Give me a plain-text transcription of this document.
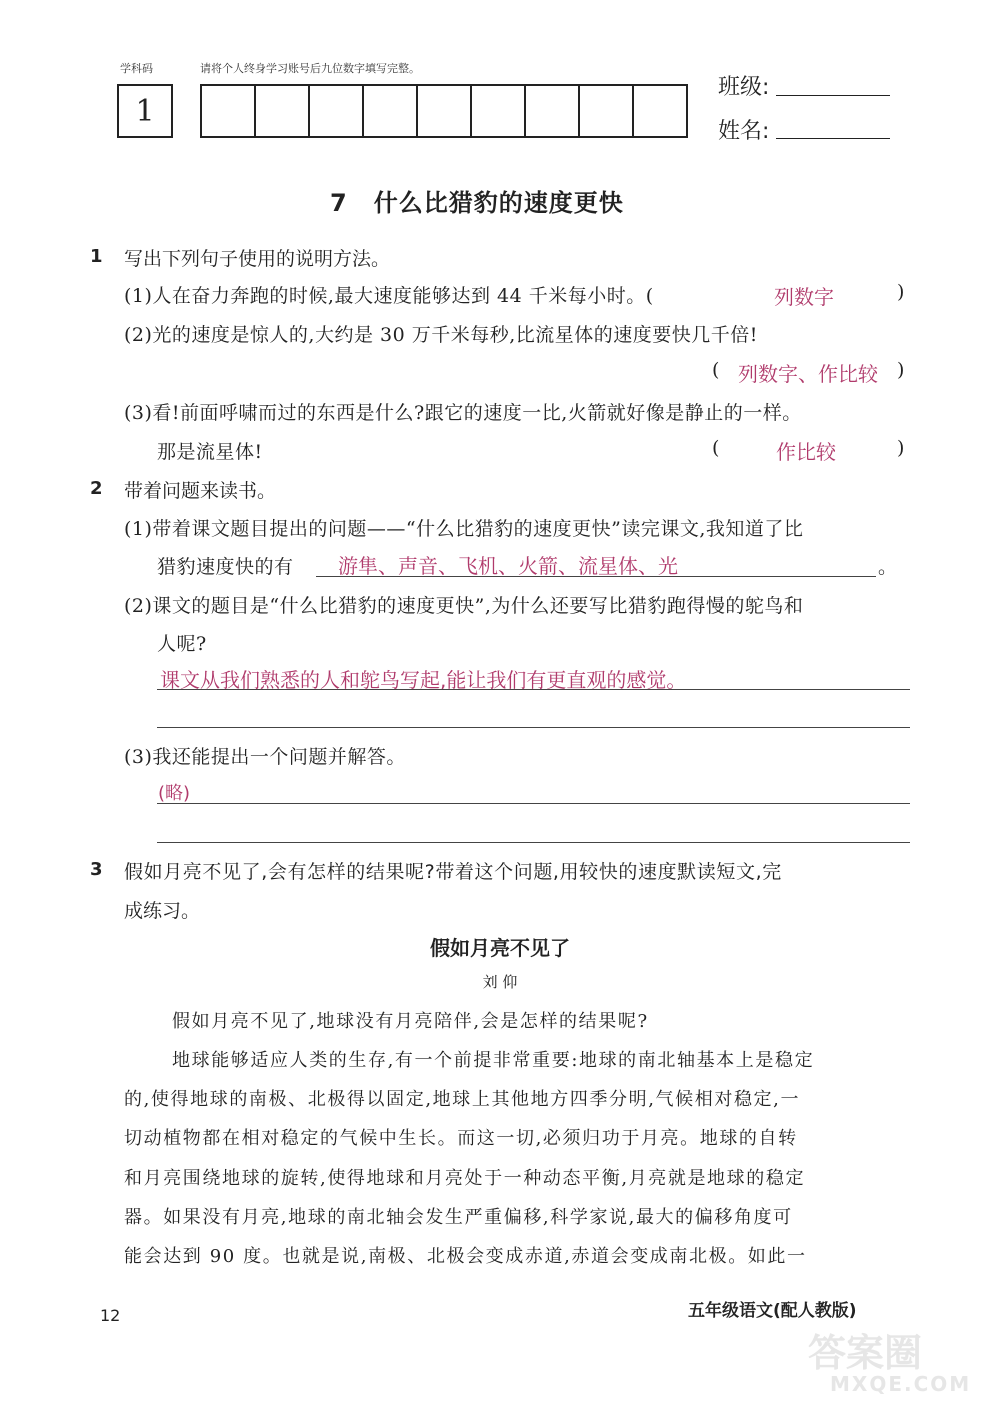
学科码	请将个人终身学习账号后九位数字填写完整。
1
班级:
姓名:
7 什么比猎豹的速度更快
1 写出下列句子使用的说明方法。
(1)人在奋力奔跑的时候,最大速度能够达到 44 千米每小时。(	列数字	)
(2)光的速度是惊人的,大约是 30 万千米每秒,比流星体的速度要快几千倍!
( 列数字、作比较 )
(3)看!前面呼啸而过的东西是什么?跟它的速度一比,火箭就好像是静止的一样。
那是流星体!	(	作比较	)
2 带着问题来读书。
(1)带着课文题目提出的问题——“什么比猎豹的速度更快”读完课文,我知道了比
猎豹速度快的有 游隼、声音、飞机、火箭、流星体、光	。
(2)课文的题目是“什么比猎豹的速度更快”,为什么还要写比猎豹跑得慢的鸵鸟和
人呢?
课文从我们熟悉的人和鸵鸟写起,能让我们有更直观的感觉。
(3)我还能提出一个问题并解答。
(略)
3 假如月亮不见了,会有怎样的结果呢?带着这个问题,用较快的速度默读短文,完
成练习。
假如月亮不见了
刘 仰
假如月亮不见了,地球没有月亮陪伴,会是怎样的结果呢?
地球能够适应人类的生存,有一个前提非常重要:地球的南北轴基本上是稳定
的,使得地球的南极、北极得以固定,地球上其他地方四季分明,气候相对稳定,一
切动植物都在相对稳定的气候中生长。而这一切,必须归功于月亮。地球的自转
和月亮围绕地球的旋转,使得地球和月亮处于一种动态平衡,月亮就是地球的稳定
器。如果没有月亮,地球的南北轴会发生严重偏移,科学家说,最大的偏移角度可
能会达到 90 度。也就是说,南极、北极会变成赤道,赤道会变成南北极。如此一
12	五年级语文(配人教版)
答案圈
MXQE.COM
